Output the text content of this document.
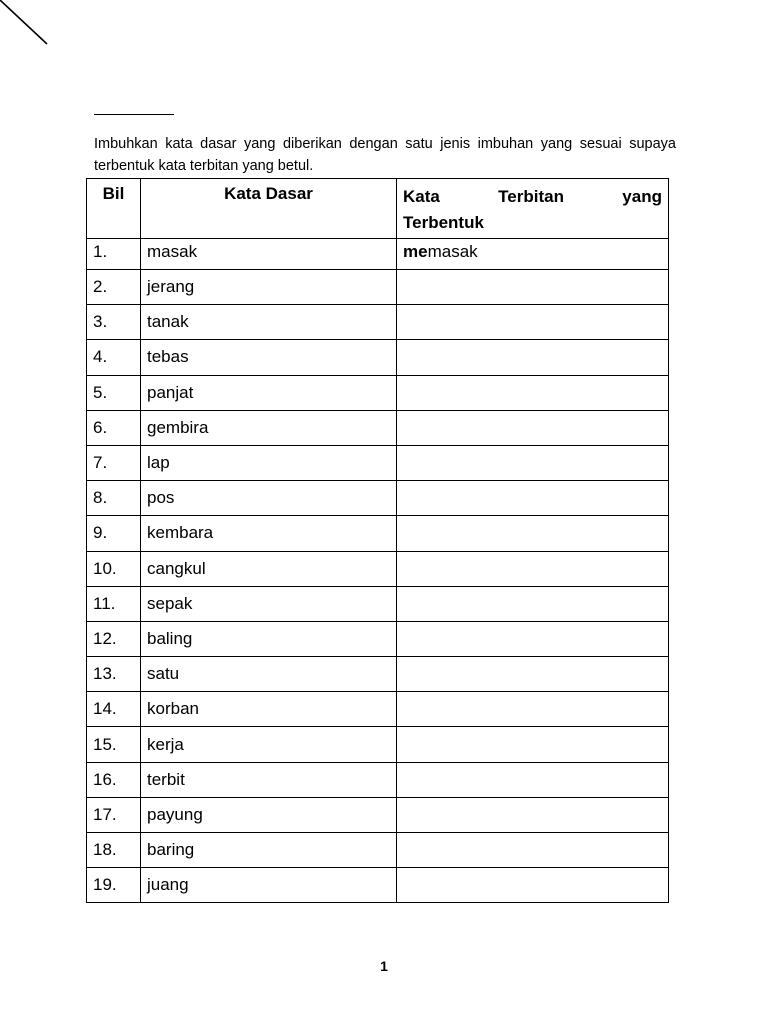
Imbuhkan kata dasar yang diberikan dengan satu jenis imbuhan yang sesuai supaya terbentuk kata terbitan yang betul.
Bil	Kata Dasar	Kata Terbitan yang
Terbentuk

1.	masak	memasak
2.	jerang	
3.	tanak	
4.	tebas	
5.	panjat	
6.	gembira	
7.	lap	
8.	pos	
9.	kembara	
10.	cangkul	
11.	sepak	
12.	baling	
13.	satu	
14.	korban	
15.	kerja	
16.	terbit	
17.	payung	
18.	baring	
19.	juang	
1
